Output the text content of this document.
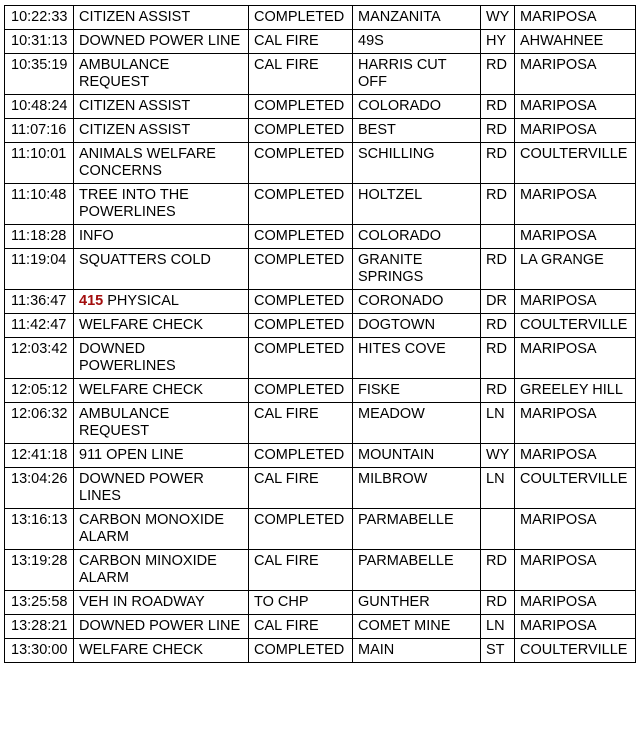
10:22:33	CITIZEN ASSIST	COMPLETED	MANZANITA	WY	MARIPOSA
10:31:13	DOWNED POWER LINE	CAL FIRE	49S	HY	AHWAHNEE
10:35:19	AMBULANCE REQUEST	CAL FIRE	HARRIS CUT OFF	RD	MARIPOSA
10:48:24	CITIZEN ASSIST	COMPLETED	COLORADO	RD	MARIPOSA
11:07:16	CITIZEN ASSIST	COMPLETED	BEST	RD	MARIPOSA
11:10:01	ANIMALS WELFARE CONCERNS	COMPLETED	SCHILLING	RD	COULTERVILLE
11:10:48	TREE INTO THE POWERLINES	COMPLETED	HOLTZEL	RD	MARIPOSA
11:18:28	INFO	COMPLETED	COLORADO		MARIPOSA
11:19:04	SQUATTERS COLD	COMPLETED	GRANITE SPRINGS	RD	LA GRANGE
11:36:47	415 PHYSICAL	COMPLETED	CORONADO	DR	MARIPOSA
11:42:47	WELFARE CHECK	COMPLETED	DOGTOWN	RD	COULTERVILLE
12:03:42	DOWNED POWERLINES	COMPLETED	HITES COVE	RD	MARIPOSA
12:05:12	WELFARE CHECK	COMPLETED	FISKE	RD	GREELEY HILL
12:06:32	AMBULANCE REQUEST	CAL FIRE	MEADOW	LN	MARIPOSA
12:41:18	911 OPEN LINE	COMPLETED	MOUNTAIN	WY	MARIPOSA
13:04:26	DOWNED POWER LINES	CAL FIRE	MILBROW	LN	COULTERVILLE
13:16:13	CARBON MONOXIDE ALARM	COMPLETED	PARMABELLE		MARIPOSA
13:19:28	CARBON MINOXIDE ALARM	CAL FIRE	PARMABELLE	RD	MARIPOSA
13:25:58	VEH IN ROADWAY	TO CHP	GUNTHER	RD	MARIPOSA
13:28:21	DOWNED POWER LINE	CAL FIRE	COMET MINE	LN	MARIPOSA
13:30:00	WELFARE CHECK	COMPLETED	MAIN	ST	COULTERVILLE
